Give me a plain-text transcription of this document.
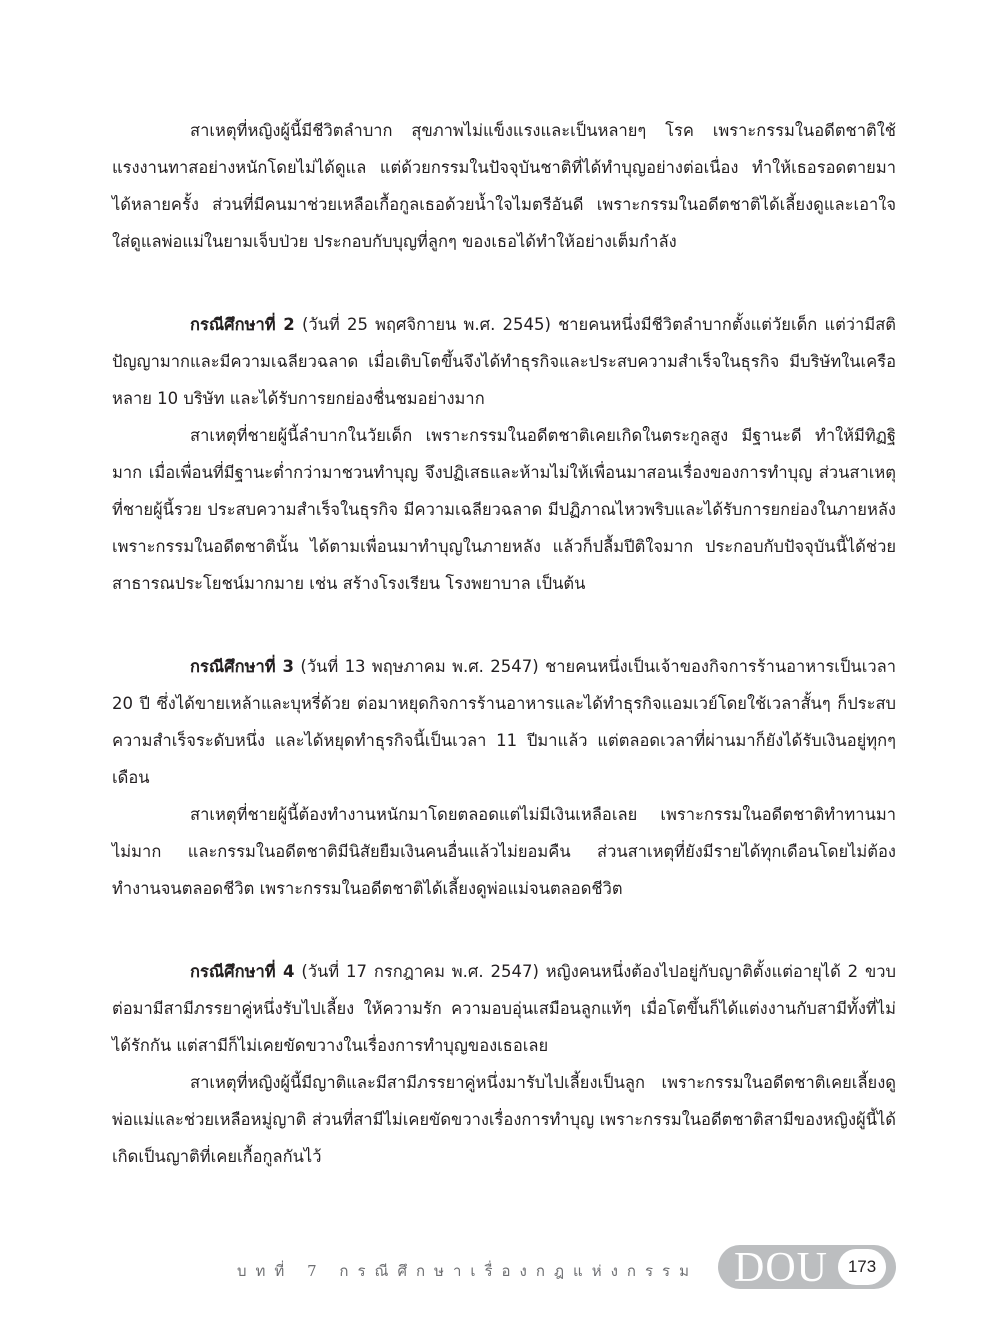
สาเหตุที่หญิงผู้นี้มีชีวิตลำบาก สุขภาพไม่แข็งแรงและเป็นหลายๆ โรค เพราะกรรมในอดีตชาติใช้แรงงานทาสอย่างหนักโดยไม่ได้ดูแล แต่ด้วยกรรมในปัจจุบันชาติที่ได้ทำบุญอย่างต่อเนื่อง ทำให้เธอรอดตายมาได้หลายครั้ง ส่วนที่มีคนมาช่วยเหลือเกื้อกูลเธอด้วยน้ำใจไมตรีอันดี เพราะกรรมในอดีตชาติได้เลี้ยงดูและเอาใจใส่ดูแลพ่อแม่ในยามเจ็บป่วย ประกอบกับบุญที่ลูกๆ ของเธอได้ทำให้อย่างเต็มกำลัง

กรณีศึกษาที่ 2 (วันที่ 25 พฤศจิกายน พ.ศ. 2545) ชายคนหนึ่งมีชีวิตลำบากตั้งแต่วัยเด็ก แต่ว่ามีสติปัญญามากและมีความเฉลียวฉลาด เมื่อเติบโตขึ้นจึงได้ทำธุรกิจและประสบความสำเร็จในธุรกิจ มีบริษัทในเครือหลาย 10 บริษัท และได้รับการยกย่องชื่นชมอย่างมาก

สาเหตุที่ชายผู้นี้ลำบากในวัยเด็ก เพราะกรรมในอดีตชาติเคยเกิดในตระกูลสูง มีฐานะดี ทำให้มีทิฏฐิมาก เมื่อเพื่อนที่มีฐานะต่ำกว่ามาชวนทำบุญ จึงปฏิเสธและห้ามไม่ให้เพื่อนมาสอนเรื่องของการทำบุญ ส่วนสาเหตุที่ชายผู้นี้รวย ประสบความสำเร็จในธุรกิจ มีความเฉลียวฉลาด มีปฏิภาณไหวพริบและได้รับการยกย่องในภายหลัง เพราะกรรมในอดีตชาตินั้น ได้ตามเพื่อนมาทำบุญในภายหลัง แล้วก็ปลื้มปีติใจมาก ประกอบกับปัจจุบันนี้ได้ช่วยสาธารณประโยชน์มากมาย เช่น สร้างโรงเรียน โรงพยาบาล เป็นต้น

กรณีศึกษาที่ 3 (วันที่ 13 พฤษภาคม พ.ศ. 2547) ชายคนหนึ่งเป็นเจ้าของกิจการร้านอาหารเป็นเวลา 20 ปี ซึ่งได้ขายเหล้าและบุหรี่ด้วย ต่อมาหยุดกิจการร้านอาหารและได้ทำธุรกิจแอมเวย์โดยใช้เวลาสั้นๆ ก็ประสบความสำเร็จระดับหนึ่ง และได้หยุดทำธุรกิจนี้เป็นเวลา 11 ปีมาแล้ว แต่ตลอดเวลาที่ผ่านมาก็ยังได้รับเงินอยู่ทุกๆ เดือน

สาเหตุที่ชายผู้นี้ต้องทำงานหนักมาโดยตลอดแต่ไม่มีเงินเหลือเลย เพราะกรรมในอดีตชาติทำทานมาไม่มาก และกรรมในอดีตชาติมีนิสัยยืมเงินคนอื่นแล้วไม่ยอมคืน ส่วนสาเหตุที่ยังมีรายได้ทุกเดือนโดยไม่ต้องทำงานจนตลอดชีวิต เพราะกรรมในอดีตชาติได้เลี้ยงดูพ่อแม่จนตลอดชีวิต

กรณีศึกษาที่ 4 (วันที่ 17 กรกฎาคม พ.ศ. 2547) หญิงคนหนึ่งต้องไปอยู่กับญาติตั้งแต่อายุได้ 2 ขวบ ต่อมามีสามีภรรยาคู่หนึ่งรับไปเลี้ยง ให้ความรัก ความอบอุ่นเสมือนลูกแท้ๆ เมื่อโตขึ้นก็ได้แต่งงานกับสามีทั้งที่ไม่ได้รักกัน แต่สามีก็ไม่เคยขัดขวางในเรื่องการทำบุญของเธอเลย

สาเหตุที่หญิงผู้นี้มีญาติและมีสามีภรรยาคู่หนึ่งมารับไปเลี้ยงเป็นลูก เพราะกรรมในอดีตชาติเคยเลี้ยงดูพ่อแม่และช่วยเหลือหมู่ญาติ ส่วนที่สามีไม่เคยขัดขวางเรื่องการทำบุญ เพราะกรรมในอดีตชาติสามีของหญิงผู้นี้ได้เกิดเป็นญาติที่เคยเกื้อกูลกันไว้

บทที่ 7 กรณีศึกษาเรื่องกฎแห่งกรรม DOU	173
